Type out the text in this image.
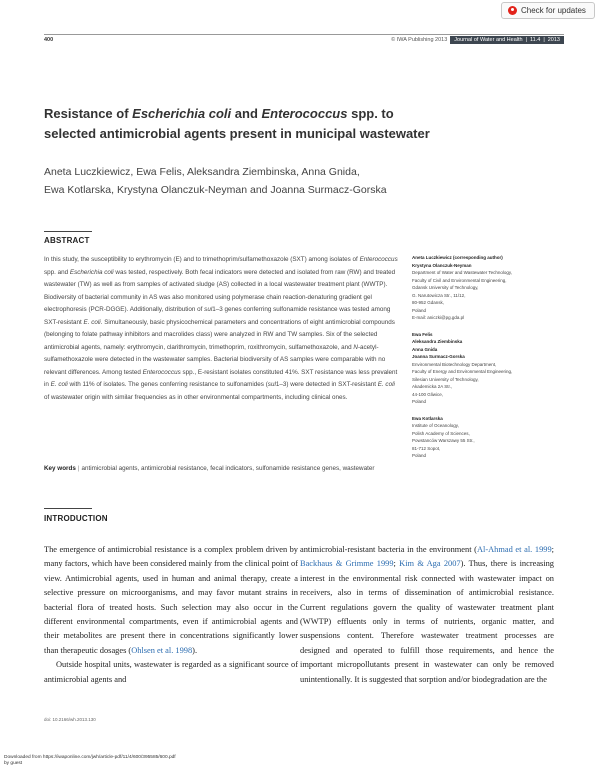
Check for updates
400	© IWA Publishing 2013	Journal of Water and Health | 11.4 | 2013
Resistance of Escherichia coli and Enterococcus spp. to selected antimicrobial agents present in municipal wastewater
Aneta Luczkiewicz, Ewa Felis, Aleksandra Ziembinska, Anna Gnida,
Ewa Kotlarska, Krystyna Olanczuk-Neyman and Joanna Surmacz-Gorska
ABSTRACT

In this study, the susceptibility to erythromycin (E) and to trimethoprim/sulfamethoxazole (SXT) among isolates of Enterococcus spp. and Escherichia coli was tested, respectively. Both fecal indicators were detected and isolated from raw (RW) and treated wastewater (TW) as well as from samples of activated sludge (AS) collected in a local wastewater treatment plant (WWTP). Biodiversity of bacterial community in AS was also monitored using polymerase chain reaction-denaturing gradient gel electrophoresis (PCR-DGGE). Additionally, distribution of sul1–3 genes conferring sulfonamide resistance was tested among SXT-resistant E. coli. Simultaneously, basic physicochemical parameters and concentrations of eight antimicrobial compounds (belonging to folate pathway inhibitors and macrolides class) were analyzed in RW and TW samples. Six of the selected antimicrobial agents, namely: erythromycin, clarithromycin, trimethoprim, roxithromycin, sulfamethoxazole, and N-acetyl-sulfamethoxazole were detected in the wastewater samples. Bacterial biodiversity of AS samples were comparable with no relevant differences. Among tested Enterococcus spp., E-resistant isolates constituted 41%. SXT resistance was less prevalent in E. coli with 11% of isolates. The genes conferring resistance to sulfonamides (sul1–3) were detected in SXT-resistant E. coli of wastewater origin with similar frequencies as in other environmental compartments, including clinical ones.

Key words | antimicrobial agents, antimicrobial resistance, fecal indicators, sulfonamide resistance genes, wastewater

Aneta Luczkiewicz (corresponding author)
Krystyna Olanczuk-Neyman
Department of Water and Wastewater Technology,
Faculty of Civil and Environmental Engineering,
Gdansk University of Technology,
G. Narutowicza Str., 11/12,
80-952 Gdansk,
Poland
E-mail: aniczki@pg.gda.pl
Ewa Felis
Aleksandra Ziembinska
Anna Gnida
Joanna Surmacz-Gorska
Environmental Biotechnology Department,
Faculty of Energy and Environmental Engineering,
Silesian University of Technology,
Akademicka 2A Str.,
44-100 Gliwice,
Poland
Ewa Kotlarska
Institute of Oceanology,
Polish Academy of Sciences,
Powstanców Warszawy 55 Str.,
81-712 Sopot,
Poland
INTRODUCTION

The emergence of antimicrobial resistance is a complex problem driven by many factors, which have been considered mainly from the clinical point of view. Antimicrobial agents, used in human and animal therapy, create a selective pressure on microorganisms, and may favor mutant strains in bacterial flora of treated hosts. Such selection may also occur in the different environmental compartments, even if antimicrobial agents and their metabolites are present there in concentrations significantly lower than therapeutic dosages (Ohlsen et al. 1998).

Outside hospital units, wastewater is regarded as a significant source of antimicrobial agents and

antimicrobial-resistant bacteria in the environment (Al-Ahmad et al. 1999; Backhaus & Grimme 1999; Kim & Aga 2007). Thus, there is increasing interest in the environmental risk connected with wastewater impact on receivers, also in terms of dissemination of antimicrobial resistance. Current regulations govern the quality of wastewater treatment plant (WWTP) effluents only in terms of nutrients, organic matter, and suspensions content. Therefore wastewater treatment processes are designed and operated to fulfill those requirements, and hence the important micropollutants present in wastewater can only be removed unintentionally. It is suggested that sorption and/or biodegradation are the

doi: 10.2166/wh.2013.130
Downloaded from https://iwaponline.com/jwh/article-pdf/11/4/600/395585/600.pdf
by guest
